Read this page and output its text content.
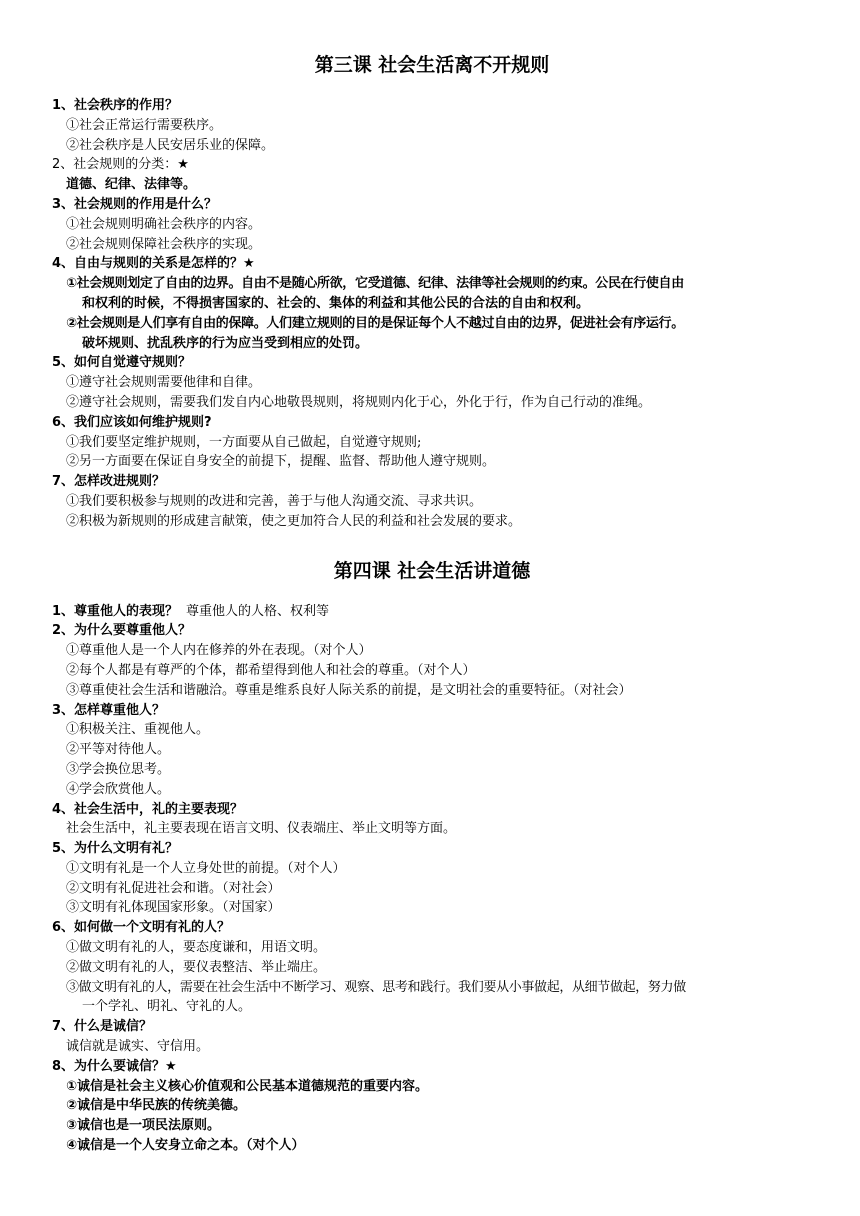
第三课 社会生活离不开规则
1、社会秩序的作用？
①社会正常运行需要秩序。
②社会秩序是人民安居乐业的保障。
2、社会规则的分类：★
道德、纪律、法律等。
3、社会规则的作用是什么？
①社会规则明确社会秩序的内容。
②社会规则保障社会秩序的实现。
4、自由与规则的关系是怎样的？★
①社会规则划定了自由的边界。自由不是随心所欲，它受道德、纪律、法律等社会规则的约束。公民在行使自由
和权利的时候，不得损害国家的、社会的、集体的利益和其他公民的合法的自由和权利。
②社会规则是人们享有自由的保障。人们建立规则的目的是保证每个人不越过自由的边界，促进社会有序运行。
破坏规则、扰乱秩序的行为应当受到相应的处罚。
5、如何自觉遵守规则？
①遵守社会规则需要他律和自律。
②遵守社会规则，需要我们发自内心地敬畏规则，将规则内化于心，外化于行，作为自己行动的准绳。
6、我们应该如何维护规则?
①我们要坚定维护规则，一方面要从自己做起，自觉遵守规则;
②另一方面要在保证自身安全的前提下，提醒、监督、帮助他人遵守规则。
7、怎样改进规则？
①我们要积极参与规则的改进和完善，善于与他人沟通交流、寻求共识。
②积极为新规则的形成建言献策，使之更加符合人民的利益和社会发展的要求。
第四课 社会生活讲道德
1、尊重他人的表现？ 尊重他人的人格、权利等
2、为什么要尊重他人？
①尊重他人是一个人内在修养的外在表现。（对个人）
②每个人都是有尊严的个体，都希望得到他人和社会的尊重。（对个人）
③尊重使社会生活和谐融洽。尊重是维系良好人际关系的前提，是文明社会的重要特征。（对社会）
3、怎样尊重他人？
①积极关注、重视他人。
②平等对待他人。
③学会换位思考。
④学会欣赏他人。
4、社会生活中，礼的主要表现？
社会生活中，礼主要表现在语言文明、仪表端庄、举止文明等方面。
5、为什么文明有礼？
①文明有礼是一个人立身处世的前提。（对个人）
②文明有礼促进社会和谐。（对社会）
③文明有礼体现国家形象。（对国家）
6、如何做一个文明有礼的人？
①做文明有礼的人，要态度谦和，用语文明。
②做文明有礼的人，要仪表整洁、举止端庄。
③做文明有礼的人，需要在社会生活中不断学习、观察、思考和践行。我们要从小事做起，从细节做起，努力做
一个学礼、明礼、守礼的人。
7、什么是诚信？
诚信就是诚实、守信用。
8、为什么要诚信？★
①诚信是社会主义核心价值观和公民基本道德规范的重要内容。
②诚信是中华民族的传统美德。
③诚信也是一项民法原则。
④诚信是一个人安身立命之本。（对个人）
